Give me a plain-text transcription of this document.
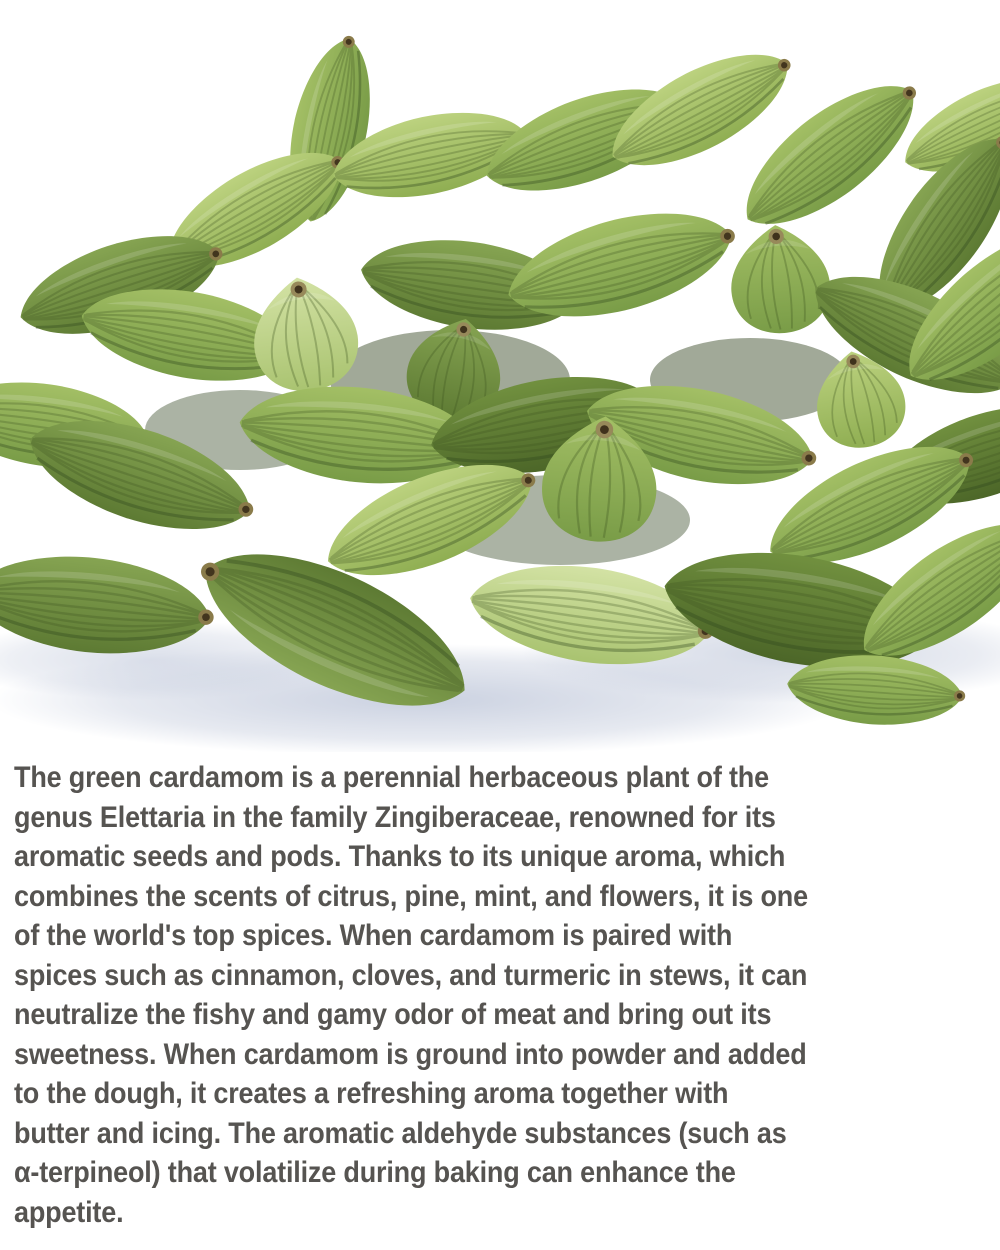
The green cardamom is a perennial herbaceous plant of the
genus Elettaria in the family Zingiberaceae, renowned for its
aromatic seeds and pods. Thanks to its unique aroma, which
combines the scents of citrus, pine, mint, and flowers, it is one
of the world's top spices. When cardamom is paired with
spices such as cinnamon, cloves, and turmeric in stews, it can
neutralize the fishy and gamy odor of meat and bring out its
sweetness. When cardamom is ground into powder and added
to the dough, it creates a refreshing aroma together with
butter and icing. The aromatic aldehyde substances (such as
α-terpineol) that volatilize during baking can enhance the
appetite.
